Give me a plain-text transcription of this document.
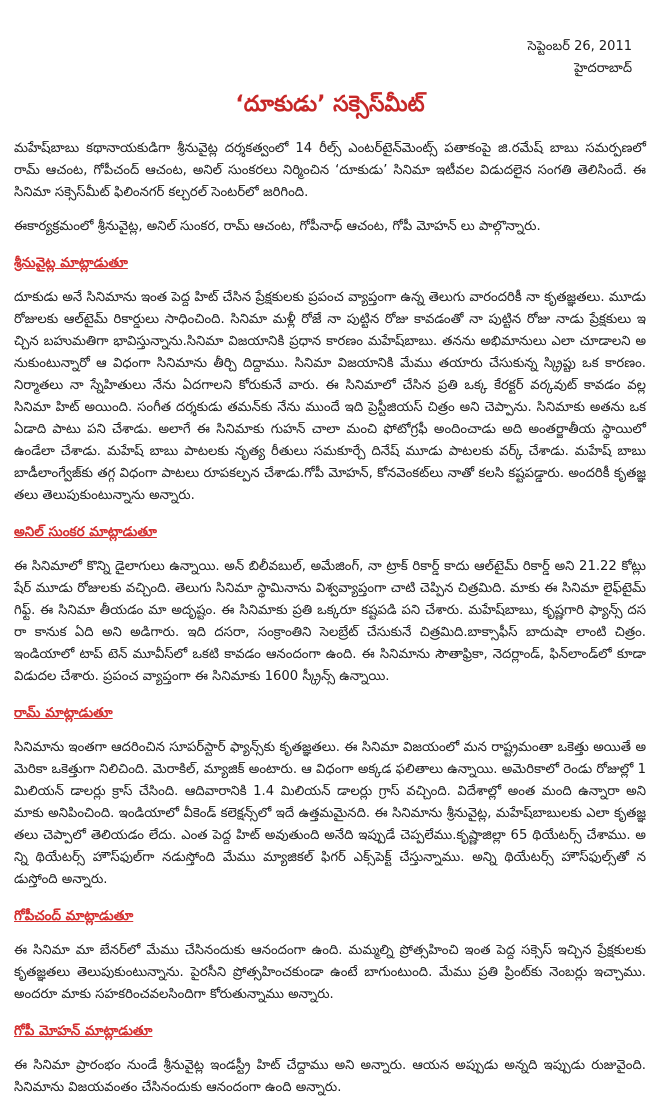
సెప్టెంబర్ 26, 2011
హైదరాబాద్
‘దూకుడు’ సక్సెస్‌మీట్

మహేష్‌బాబు కథానాయకుడిగా శ్రీనువైట్ల దర్శకత్వంలో 14 రీల్స్ ఎంటర్‌టైన్‌మెంట్స్ పతాకంపై జి.రమేష్ బాబు సమర్పణలో రామ్ ఆచంట, గోపీచంద్ ఆచంట, అనిల్ సుంకరలు నిర్మించిన ‘దూకుడు’ సినిమా ఇటీవల విడుదలైన సంగతి తెలిసిందే. ఈ సినిమా సక్సెస్‌మీట్ ఫిలింనగర్ కల్చరల్ సెంటర్‌లో జరిగింది.

ఈకార్యక్రమంలో శ్రీనువైట్ల, అనిల్ సుంకర, రామ్ ఆచంట, గోపీనాధ్ ఆచంట, గోపీ మోహన్ లు పాల్గొన్నారు.

శ్రీనువైట్ల మాట్లాడుతూ

దూకుడు అనే సినిమాను ఇంత పెద్ద హిట్ చేసిన ప్రేక్షకులకు ప్రపంచ వ్యాప్తంగా ఉన్న తెలుగు వారందరికీ నా కృతజ్ఞతలు. మూడు రోజులకు ఆల్‌టైమ్ రికార్డులు సాధించింది. సినిమా మళ్లీ రోజే నా పుట్టిన రోజు కావడంతో నా పుట్టిన రోజు నాడు ప్రేక్షకులు ఇచ్చిన బహుమతిగా భావిస్తున్నాను.సినిమా విజయానికి ప్రధాన కారణం మహేష్‌బాబు. తనను అభిమానులు ఎలా చూడాలని అనుకుంటున్నారో ఆ విధంగా సినిమాను తీర్చి దిద్దాము. సినిమా విజయానికి మేము తయారు చేసుకున్న స్క్రిప్టు ఒక కారణం. నిర్మాతలు నా స్నేహితులు నేను ఏదగాలని కోరుకునే వారు. ఈ సినిమాలో చేసిన ప్రతి ఒక్క కేరక్టర్ వర్కవుట్ కావడం వల్ల సినిమా హిట్ అయింది. సంగీత దర్శకుడు తమన్‌కు నేను ముందే ఇది ప్రెస్టీజియస్ చిత్రం అని చెప్పాను. సినిమాకు అతను ఒక ఏడాది పాటు పని చేశాడు. అలాగే ఈ సినిమాకు గుహన్ చాలా మంచి ఫోటోగ్రఫీ అందించాడు అది అంతర్జాతీయ స్థాయిలో ఉండేలా చేశాడు. మహేష్ బాబు పాటలకు నృత్య రీతులు సమకూర్చే దినేష్ మూడు పాటలకు వర్క్ చేశాడు. మహేష్ బాబు బాడీలాంగ్వేజ్‌కు తగ్గ విధంగా పాటలు రూపకల్పన చేశాడు.గోపీ మోహన్, కోనవెంకట్‌లు నాతో కలసి కష్టపడ్డారు. అందరికీ కృతజ్ఞతలు తెలుపుకుంటున్నాను అన్నారు.

అనిల్ సుంకర మాట్లాడుతూ

ఈ సినిమాలో కొన్ని డైలాగులు ఉన్నాయి. అన్ బిలీవబుల్, అమేజింగ్, నా ట్రాక్ రికార్డ్ కాదు ఆల్‌టైమ్ రికార్డ్ అని 21.22 కోట్లు షేర్ మూడు రోజులకు వచ్చింది. తెలుగు సినిమా స్థామినాను విశ్వవ్యాప్తంగా చాటి చెప్పిన చిత్రమిది. మాకు ఈ సినిమా లైఫ్‌టైమ్ గిఫ్ట్. ఈ సినిమా తీయడం మా అదృష్టం. ఈ సినిమాకు ప్రతి ఒక్కరూ కష్టపడి పని చేశారు. మహేష్‌బాబు, కృష్ణగారి ఫ్యాన్స్ దసరా కానుక ఏది అని అడిగారు. ఇది దసరా, సంక్రాంతిని సెలబ్రేట్ చేసుకునే చిత్రమిది.బాక్సాఫీస్ బాదుషా లాంటి చిత్రం. ఇండియాలో టాప్ టెన్ మూవీస్‌లో ఒకటి కావడం ఆనందంగా ఉంది. ఈ సినిమాను సౌతాఫ్రికా, నెదర్లాండ్, ఫిన్‌లాండ్‌లో కూడా విడుదల చేశారు. ప్రపంచ వ్యాప్తంగా ఈ సినిమాకు 1600 స్క్రీన్స్ ఉన్నాయి.

రామ్ మాట్లాడుతూ

సినిమాను ఇంతగా ఆదరించిన సూపర్‌స్టార్ ఫ్యాన్స్‌కు కృతజ్ఞతలు. ఈ సినిమా విజయంలో మన రాష్ట్రమంతా ఒకెత్తు అయితే అమెరికా ఒకెత్తుగా నిలిచింది. మెరాకిల్, మ్యాజిక్ అంటారు. ఆ విధంగా అక్కడ ఫలితాలు ఉన్నాయి. అమెరికాలో రెండు రోజుల్లో 1 మిలియన్ డాలర్లు క్రాస్ చేసింది. ఆదివారానికి 1.4 మిలియన్ డాలర్లు గ్రాస్ వచ్చింది. విదేశాల్లో అంత మంది ఉన్నారా అని మాకు అనిపించింది. ఇండియాలో వీకెండ్ కలెక్షన్స్‌లో ఇదే ఉత్తమమైనది. ఈ సినిమాను శ్రీనువైట్ల, మహేష్‌బాబులకు ఎలా కృతజ్ఞతలు చెప్పాలో తెలియడం లేదు. ఎంత పెద్ద హిట్ అవుతుంది అనేది ఇప్పుడే చెప్పలేము.కృష్ణాజిల్లా 65 థియేటర్స్ చేశాము. అన్ని థియేటర్స్ హౌస్‌ఫుల్‌గా నడుస్తోంది మేము మ్యాజికల్ ఫిగర్ ఎక్స్‌పెక్ట్ చేస్తున్నాము. అన్ని థియేటర్స్ హౌస్‌ఫుల్స్‌తో నడుస్తోంది అన్నారు.

గోపీచంద్ మాట్లాడుతూ

ఈ సినిమా మా బేనర్‌లో మేము చేసినందుకు ఆనందంగా ఉంది. మమ్మల్ని ప్రోత్సహించి ఇంత పెద్ద సక్సెస్ ఇచ్చిన ప్రేక్షకులకు కృతజ్ఞతలు తెలుపుకుంటున్నాను. పైరసీని ప్రోత్సహించకుండా ఉంటే బాగుంటుంది. మేము ప్రతి ప్రింట్‌కు నెంబర్లు ఇచ్చాము. అందరూ మాకు సహకరించవలసిందిగా కోరుతున్నాము అన్నారు.

గోపీ మోహన్ మాట్లాడుతూ

ఈ సినిమా ప్రారంభం నుండే శ్రీనువైట్ల ఇండస్ట్రీ హిట్ చేద్దాము అని అన్నారు. ఆయన అప్పుడు అన్నది ఇప్పుడు రుజువైంది. సినిమాను విజయవంతం చేసినందుకు ఆనందంగా ఉంది అన్నారు.
